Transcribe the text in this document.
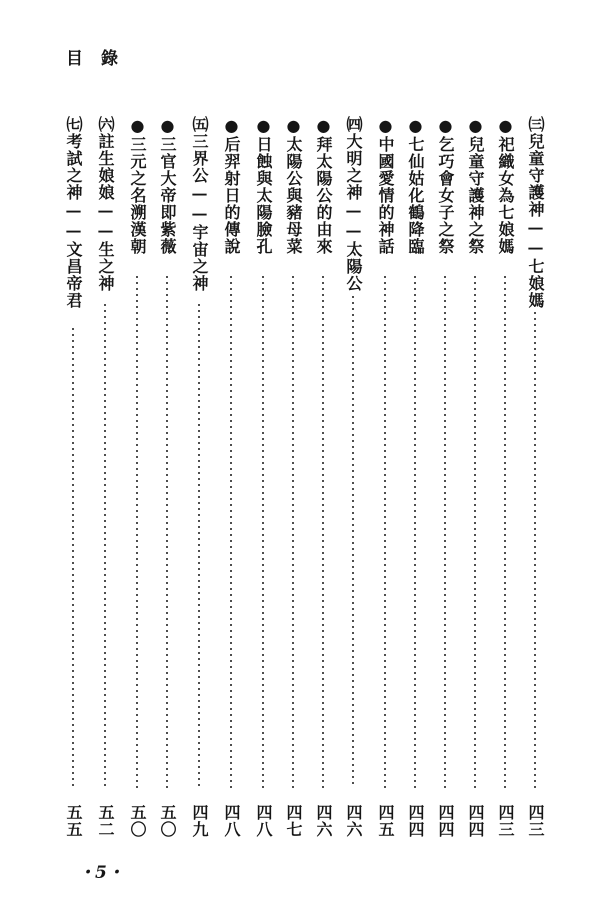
目錄
㈢兒童守護神——七娘媽
四三
●祀織女為七娘媽
四三
●兒童守護神之祭
四四
●乞巧會女子之祭
四四
●七仙姑化鶴降臨
四四
●中國愛情的神話
四五
㈣大明之神——太陽公
四六
●拜太陽公的由來
四六
●太陽公與豬母菜
四七
●日蝕與太陽臉孔
四八
●后羿射日的傳說
四八
㈤三界公——宇宙之神
四九
●三官大帝即紫薇
五〇
●三元之名溯漢朝
五〇
㈥註生娘娘——生之神
五二
㈦考試之神——文昌帝君
五五
・5・
